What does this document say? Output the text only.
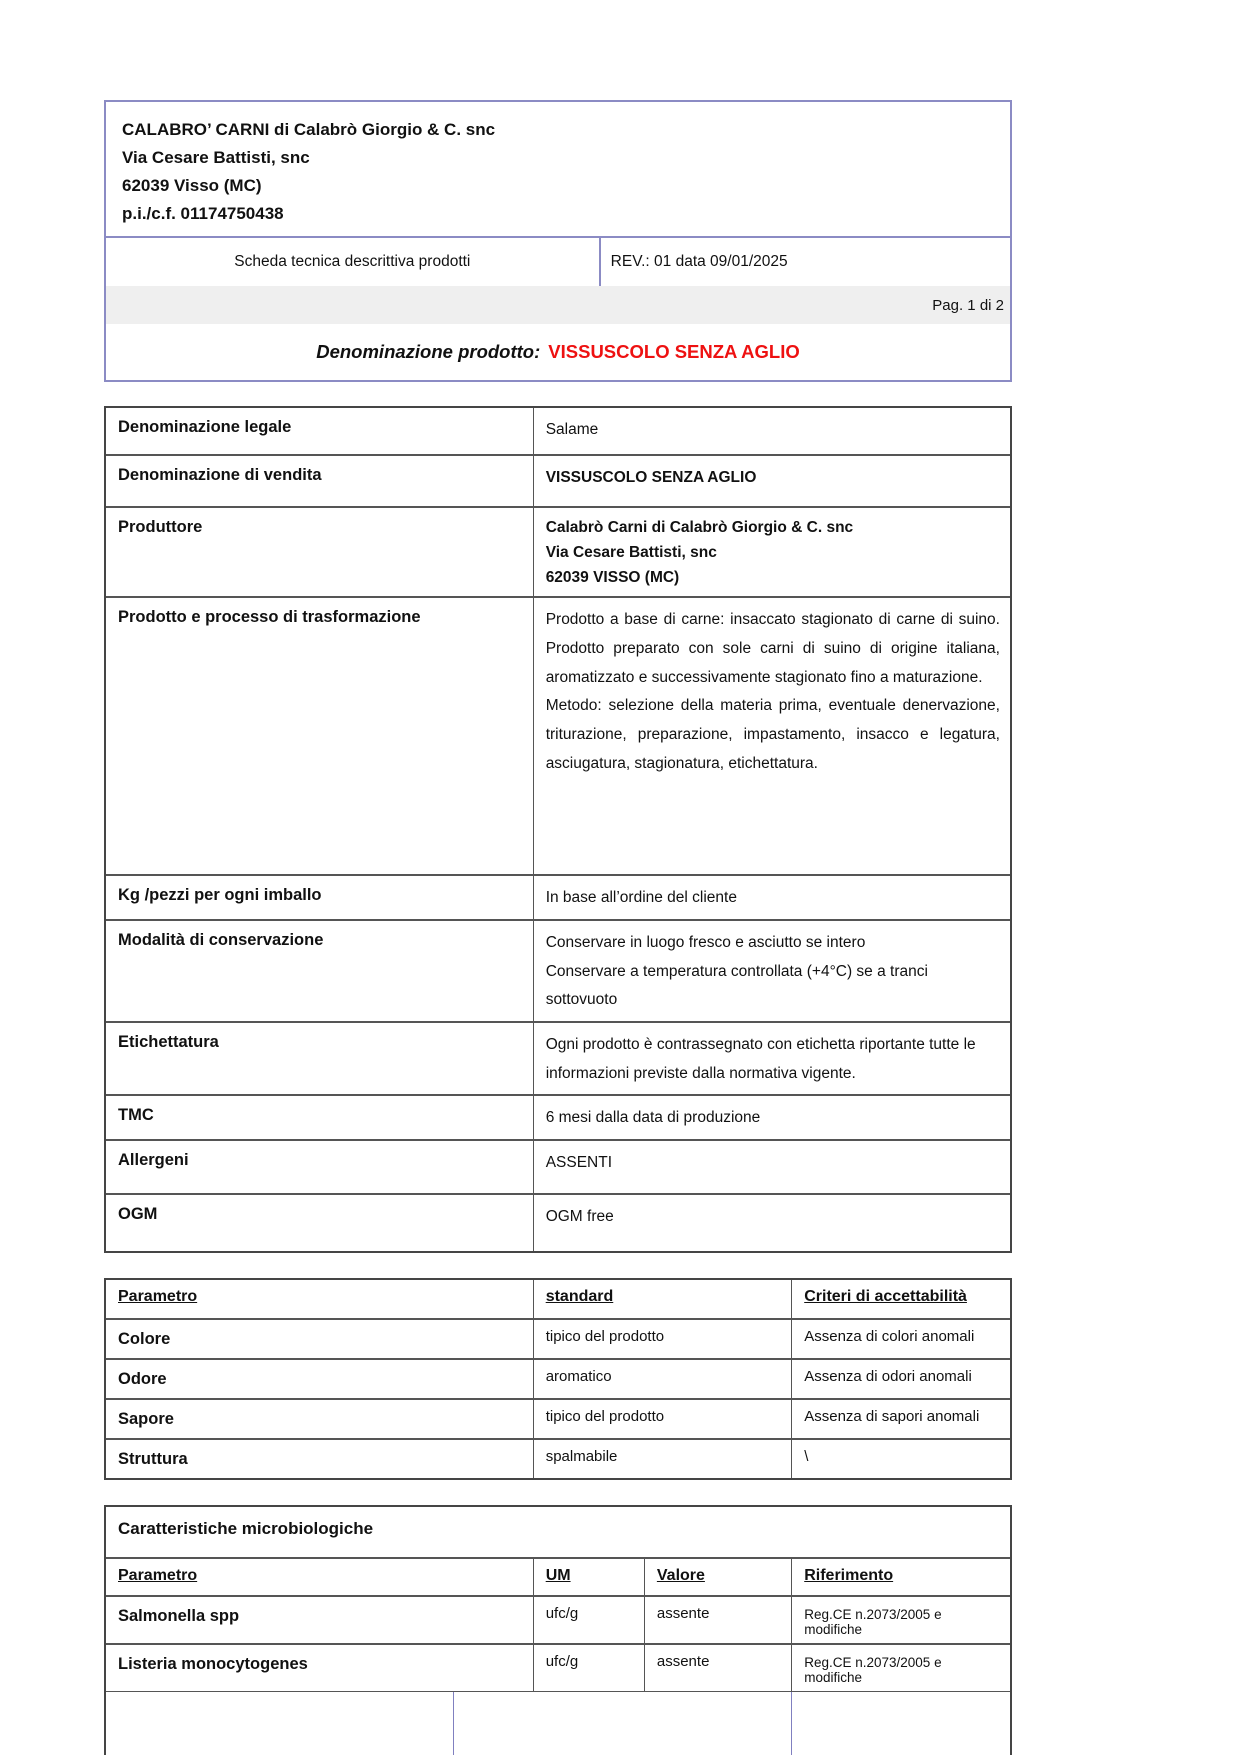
CALABRO’ CARNI di Calabrò Giorgio & C. snc
Via Cesare Battisti, snc
62039 Visso (MC)
p.i./c.f. 01174750438
Scheda tecnica descrittiva prodotti	REV.: 01 data 09/01/2025
Pag. 1 di 2
Denominazione prodotto: VISSUSCOLO SENZA AGLIO
Denominazione legale	Salame
Denominazione di vendita	VISSUSCOLO SENZA AGLIO
Produttore	Calabrò Carni di Calabrò Giorgio & C. snc
Via Cesare Battisti, snc
62039 VISSO (MC)
Prodotto e processo di trasformazione	Prodotto a base di carne: insaccato stagionato di carne di suino. Prodotto preparato con sole carni di suino di origine italiana, aromatizzato e successivamente stagionato fino a maturazione.
Metodo: selezione della materia prima, eventuale denervazione, triturazione, preparazione, impastamento, insacco e legatura, asciugatura, stagionatura, etichettatura.
Kg /pezzi per ogni imballo	In base all’ordine del cliente
Modalità di conservazione	Conservare in luogo fresco e asciutto se intero
Conservare a temperatura controllata (+4°C) se a tranci sottovuoto
Etichettatura	Ogni prodotto è contrassegnato con etichetta riportante tutte le informazioni previste dalla normativa vigente.
TMC	6 mesi dalla data di produzione
Allergeni	ASSENTI
OGM	OGM free
Parametro	standard	Criteri di accettabilità
Colore	tipico del prodotto	Assenza di colori anomali
Odore	aromatico	Assenza di odori anomali
Sapore	tipico del prodotto	Assenza di sapori anomali
Struttura	spalmabile	\
Caratteristiche microbiologiche
Parametro	UM	Valore	Riferimento
Salmonella spp	ufc/g	assente	Reg.CE n.2073/2005 e modifiche
Listeria monocytogenes	ufc/g	assente	Reg.CE n.2073/2005 e modifiche
